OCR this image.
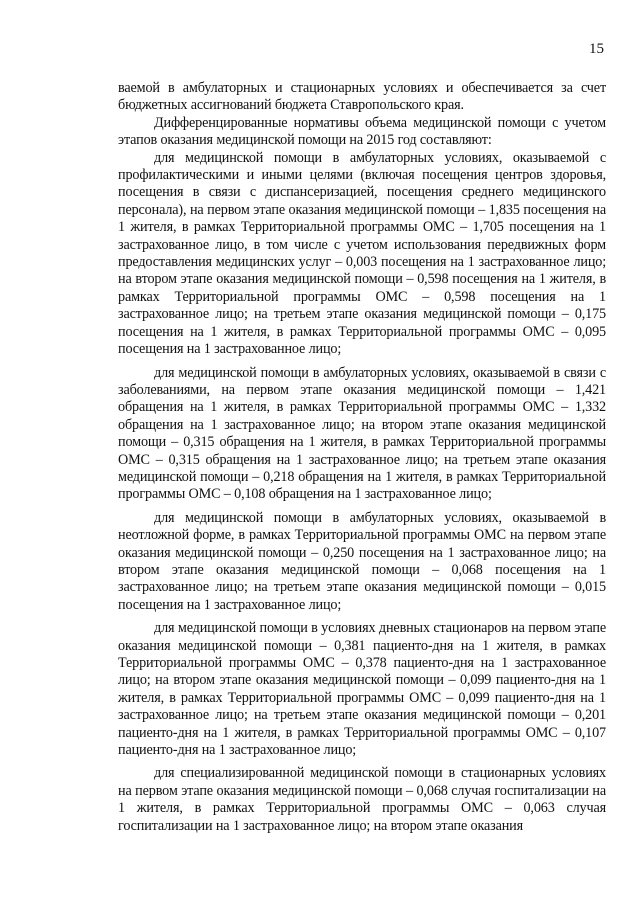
15

ваемой в амбулаторных и стационарных условиях и обеспечивается за счет бюджетных ассигнований бюджета Ставропольского края.

Дифференцированные нормативы объема медицинской помощи с учетом этапов оказания медицинской помощи на 2015 год составляют:

для медицинской помощи в амбулаторных условиях, оказываемой с профилактическими и иными целями (включая посещения центров здоровья, посещения в связи с диспансеризацией, посещения среднего медицинского персонала), на первом этапе оказания медицинской помощи – 1,835 посещения на 1 жителя, в рамках Территориальной программы ОМС – 1,705 посещения на 1 застрахованное лицо, в том числе с учетом использования передвижных форм предоставления медицинских услуг – 0,003 посещения на 1 застрахованное лицо; на втором этапе оказания медицинской помощи – 0,598 посещения на 1 жителя, в рамках Территориальной программы ОМС – 0,598 посещения на 1 застрахованное лицо; на третьем этапе оказания медицинской помощи – 0,175 посещения на 1 жителя, в рамках Территориальной программы ОМС – 0,095 посещения на 1 застрахованное лицо;

для медицинской помощи в амбулаторных условиях, оказываемой в связи с заболеваниями, на первом этапе оказания медицинской помощи – 1,421 обращения на 1 жителя, в рамках Территориальной программы ОМС – 1,332 обращения на 1 застрахованное лицо; на втором этапе оказания медицинской помощи – 0,315 обращения на 1 жителя, в рамках Территориальной программы ОМС – 0,315 обращения на 1 застрахованное лицо; на третьем этапе оказания медицинской помощи – 0,218 обращения на 1 жителя, в рамках Территориальной программы ОМС – 0,108 обращения на 1 застрахованное лицо;

для медицинской помощи в амбулаторных условиях, оказываемой в неотложной форме, в рамках Территориальной программы ОМС на первом этапе оказания медицинской помощи – 0,250 посещения на 1 застрахованное лицо; на втором этапе оказания медицинской помощи – 0,068 посещения на 1 застрахованное лицо; на третьем этапе оказания медицинской помощи – 0,015 посещения на 1 застрахованное лицо;

для медицинской помощи в условиях дневных стационаров на первом этапе оказания медицинской помощи – 0,381 пациенто-дня на 1 жителя, в рамках Территориальной программы ОМС – 0,378 пациенто-дня на 1 застрахованное лицо; на втором этапе оказания медицинской помощи – 0,099 пациенто-дня на 1 жителя, в рамках Территориальной программы ОМС – 0,099 пациенто-дня на 1 застрахованное лицо; на третьем этапе оказания медицинской помощи – 0,201 пациенто-дня на 1 жителя, в рамках Территориальной программы ОМС – 0,107 пациенто-дня на 1 застрахованное лицо;

для специализированной медицинской помощи в стационарных условиях на первом этапе оказания медицинской помощи – 0,068 случая госпитализации на 1 жителя, в рамках Территориальной программы ОМС – 0,063 случая госпитализации на 1 застрахованное лицо; на втором этапе оказания
